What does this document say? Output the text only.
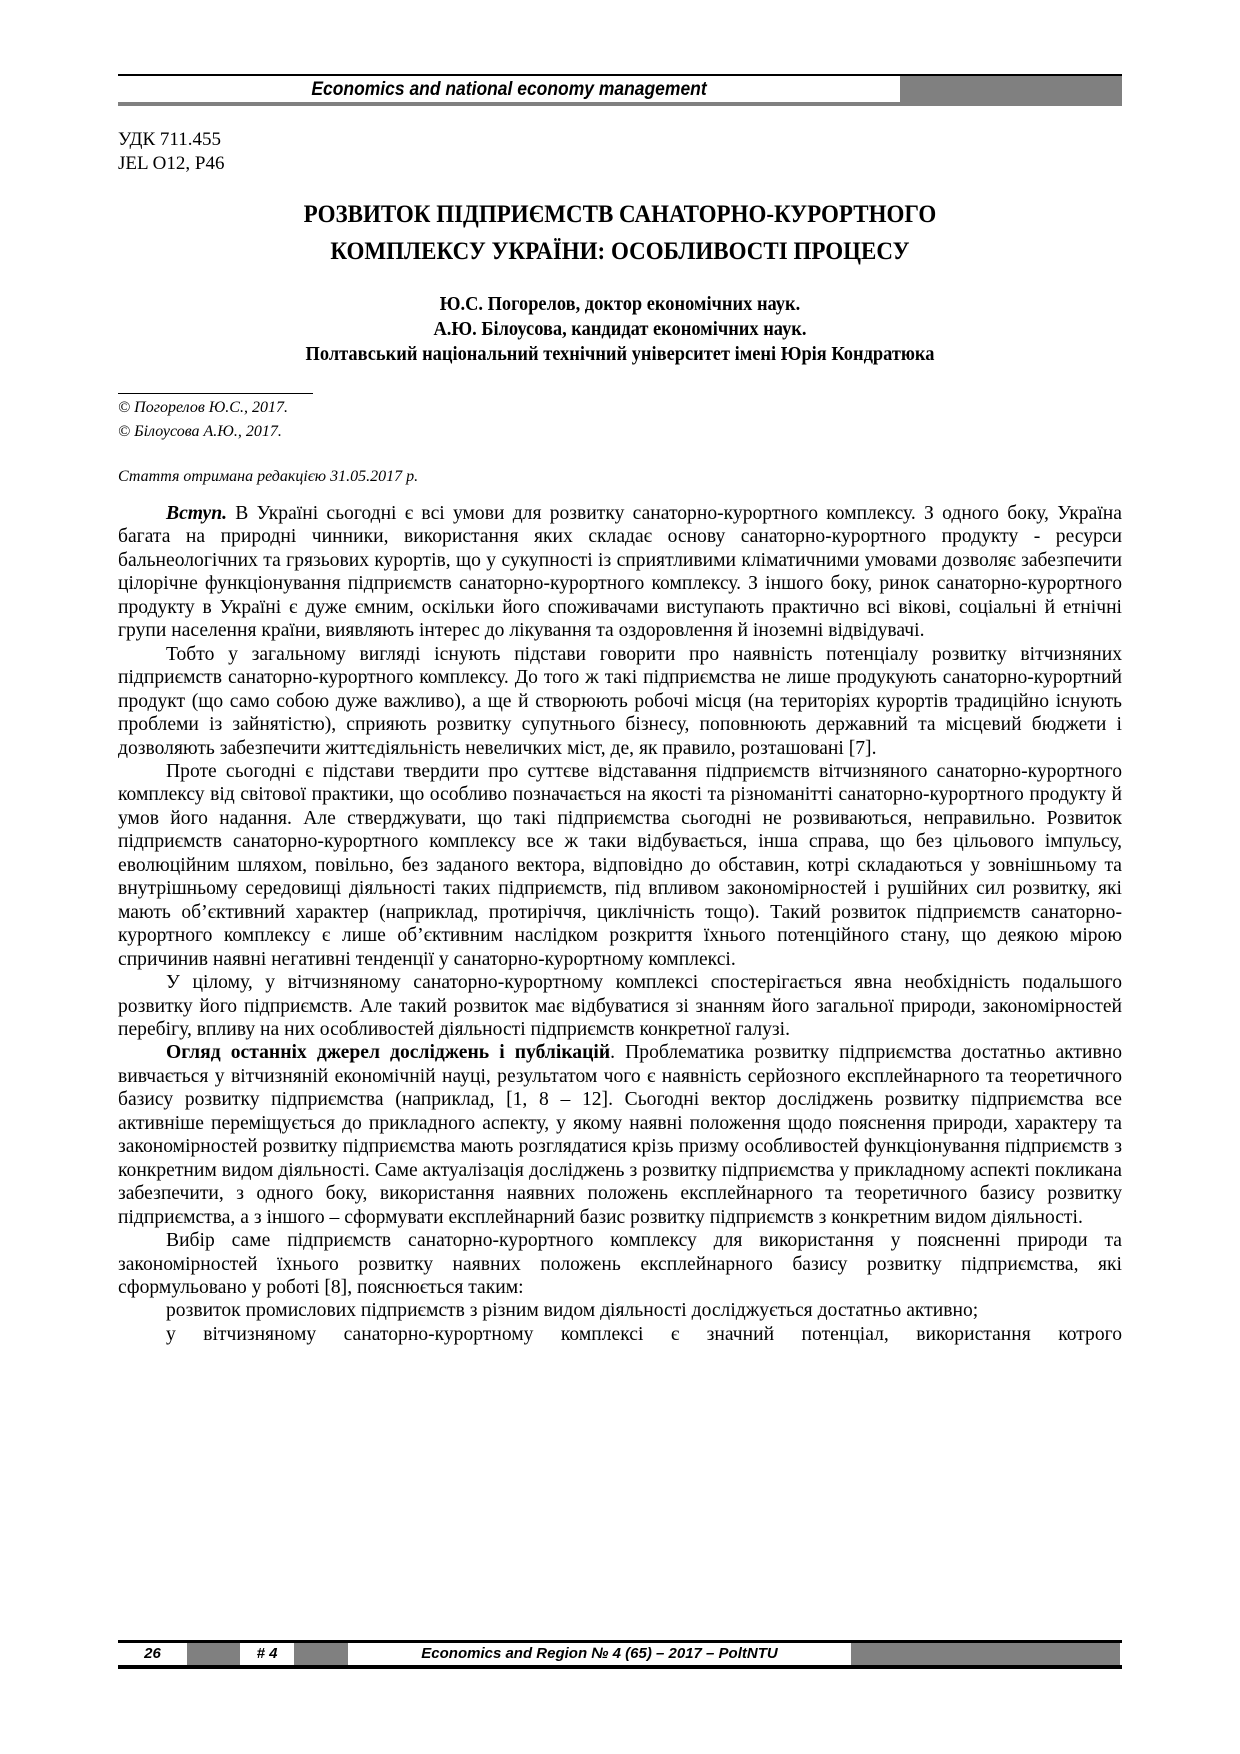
Economics and national economy management
УДК 711.455
JEL O12, P46
РОЗВИТОК ПІДПРИЄМСТВ САНАТОРНО-КУРОРТНОГО
КОМПЛЕКСУ УКРАЇНИ: ОСОБЛИВОСТІ ПРОЦЕСУ
Ю.С. Погорелов, доктор економічних наук.
А.Ю. Білоусова, кандидат економічних наук.
Полтавський національний технічний університет імені Юрія Кондратюка
© Погорелов Ю.С., 2017.
© Білоусова А.Ю., 2017.
Стаття отримана редакцією 31.05.2017 р.

Вступ. В Україні сьогодні є всі умови для розвитку санаторно-курортного комплексу. З одного боку, Україна багата на природні чинники, використання яких складає основу санаторно-курортного продукту - ресурси бальнеологічних та грязьових курортів, що у сукупності із сприятливими кліматичними умовами дозволяє забезпечити цілорічне функціонування підприємств санаторно-курортного комплексу. З іншого боку, ринок санаторно-курортного продукту в Україні є дуже ємним, оскільки його споживачами виступають практично всі вікові, соціальні й етнічні групи населення країни, виявляють інтерес до лікування та оздоровлення й іноземні відвідувачі.

Тобто у загальному вигляді існують підстави говорити про наявність потенціалу розвитку вітчизняних підприємств санаторно-курортного комплексу. До того ж такі підприємства не лише продукують санаторно-курортний продукт (що само собою дуже важливо), а ще й створюють робочі місця (на територіях курортів традиційно існують проблеми із зайнятістю), сприяють розвитку супутнього бізнесу, поповнюють державний та місцевий бюджети і дозволяють забезпечити життєдіяльність невеличких міст, де, як правило, розташовані [7].

Проте сьогодні є підстави твердити про суттєве відставання підприємств вітчизняного санаторно-курортного комплексу від світової практики, що особливо позначається на якості та різноманітті санаторно-курортного продукту й умов його надання. Але стверджувати, що такі підприємства сьогодні не розвиваються, неправильно. Розвиток підприємств санаторно-курортного комплексу все ж таки відбувається, інша справа, що без цільового імпульсу, еволюційним шляхом, повільно, без заданого вектора, відповідно до обставин, котрі складаються у зовнішньому та внутрішньому середовищі діяльності таких підприємств, під впливом закономірностей і рушійних сил розвитку, які мають об’єктивний характер (наприклад, протиріччя, циклічність тощо). Такий розвиток підприємств санаторно-курортного комплексу є лише об’єктивним наслідком розкриття їхнього потенційного стану, що деякою мірою спричинив наявні негативні тенденції у санаторно-курортному комплексі.

У цілому, у вітчизняному санаторно-курортному комплексі спостерігається явна необхідність подальшого розвитку його підприємств. Але такий розвиток має відбуватися зі знанням його загальної природи, закономірностей перебігу, впливу на них особливостей діяльності підприємств конкретної галузі.

Огляд останніх джерел досліджень і публікацій. Проблематика розвитку підприємства достатньо активно вивчається у вітчизняній економічній науці, результатом чого є наявність серйозного експлейнарного та теоретичного базису розвитку підприємства (наприклад, [1, 8 – 12]. Сьогодні вектор досліджень розвитку підприємства все активніше переміщується до прикладного аспекту, у якому наявні положення щодо пояснення природи, характеру та закономірностей розвитку підприємства мають розглядатися крізь призму особливостей функціонування підприємств з конкретним видом діяльності. Саме актуалізація досліджень з розвитку підприємства у прикладному аспекті покликана забезпечити, з одного боку, використання наявних положень експлейнарного та теоретичного базису розвитку підприємства, а з іншого – сформувати експлейнарний базис розвитку підприємств з конкретним видом діяльності.

Вибір саме підприємств санаторно-курортного комплексу для використання у поясненні природи та закономірностей їхнього розвитку наявних положень експлейнарного базису розвитку підприємства, які сформульовано у роботі [8], пояснюється таким:

розвиток промислових підприємств з різним видом діяльності досліджується достатньо активно;

у вітчизняному санаторно-курортному комплексі є значний потенціал, використання котрого

26	# 4	Economics and Region № 4 (65) – 2017 – PoltNTU
